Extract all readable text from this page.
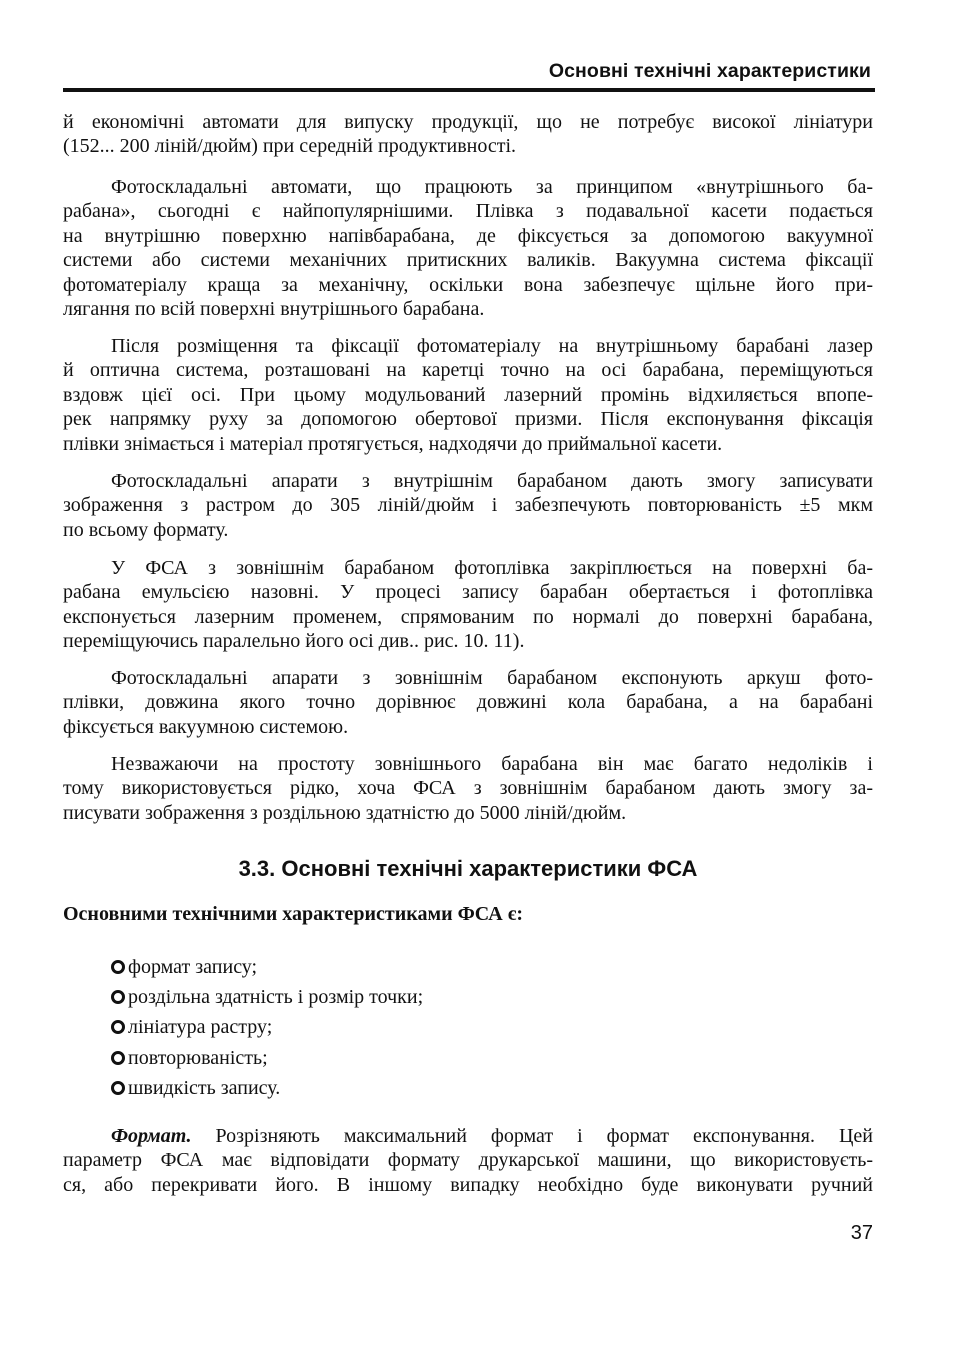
Основні технічні характеристики

й економічні автомати для випуску продукції, що не потребує високої лініатури
(152... 200 ліній/дюйм) при середній продуктивності.

Фотоскладальні автомати, що працюють за принципом «внутрішнього ба-
рабана», сьогодні є найпопулярнішими. Плівка з подавальної касети подається
на внутрішню поверхню напівбарабана, де фіксується за допомогою вакуумної
системи або системи механічних притискних валиків. Вакуумна система фіксації
фотоматеріалу краща за механічну, оскільки вона забезпечує щільне його при-
лягання по всій поверхні внутрішнього барабана.

Після розміщення та фіксації фотоматеріалу на внутрішньому барабані лазер
й оптична система, розташовані на каретці точно на осі барабана, переміщуються
вздовж цієї осі. При цьому модульований лазерний промінь відхиляється впопе-
рек напрямку руху за допомогою обертової призми. Після експонування фіксація
плівки знімається і матеріал протягується, надходячи до приймальної касети.

Фотоскладальні апарати з внутрішнім барабаном дають змогу записувати
зображення з растром до 305 ліній/дюйм і забезпечують повторюваність ±5 мкм
по всьому формату.

У ФСА з зовнішнім барабаном фотоплівка закріплюється на поверхні ба-
рабана емульсією назовні. У процесі запису барабан обертається і фотоплівка
експонується лазерним променем, спрямованим по нормалі до поверхні барабана,
переміщуючись паралельно його осі див.. рис. 10. 11).

Фотоскладальні апарати з зовнішнім барабаном експонують аркуш фото-
плівки, довжина якого точно дорівнює довжині кола барабана, а на барабані
фіксується вакуумною системою.

Незважаючи на простоту зовнішнього барабана він має багато недоліків і
тому використовується рідко, хоча ФСА з зовнішнім барабаном дають змогу за-
писувати зображення з роздільною здатністю до 5000 ліній/дюйм.

3.3. Основні технічні характеристики ФСА
Основними технічними характеристиками ФСА є:
формат запису;
роздільна здатність і розмір точки;
лініатура растру;
повторюваність;
швидкість запису.

Формат. Розрізняють максимальний формат і формат експонування. Цей
параметр ФСА має відповідати формату друкарської машини, що використовуєть-
ся, або перекривати його. В іншому випадку необхідно буде виконувати ручний

37
